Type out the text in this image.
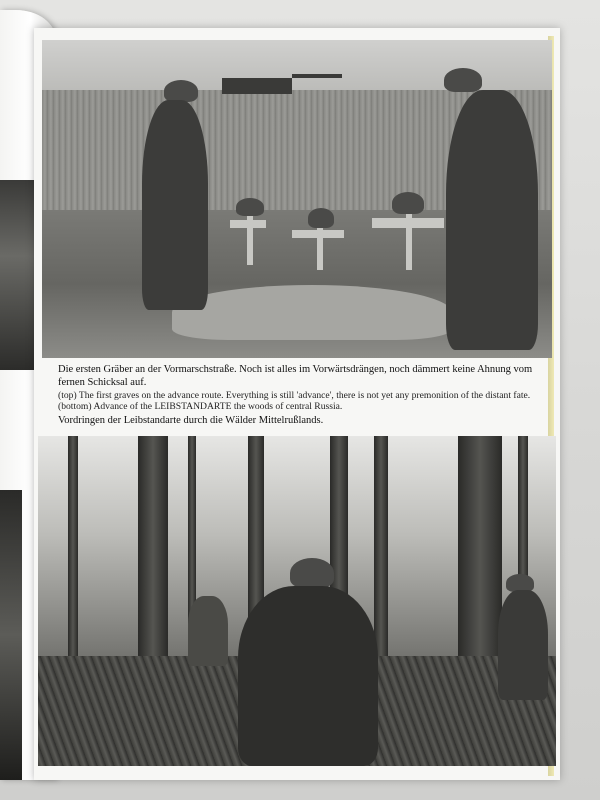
Die ersten Gräber an der Vormarschstraße. Noch ist alles im Vorwärtsdrängen, noch dämmert keine Ahnung vom fernen Schicksal auf.

(top) The first graves on the advance route. Everything is still 'advance', there is not yet any premonition of the distant fate.

(bottom) Advance of the LEIBSTANDARTE the woods of central Russia.

Vordringen der Leibstandarte durch die Wälder Mittelrußlands.
